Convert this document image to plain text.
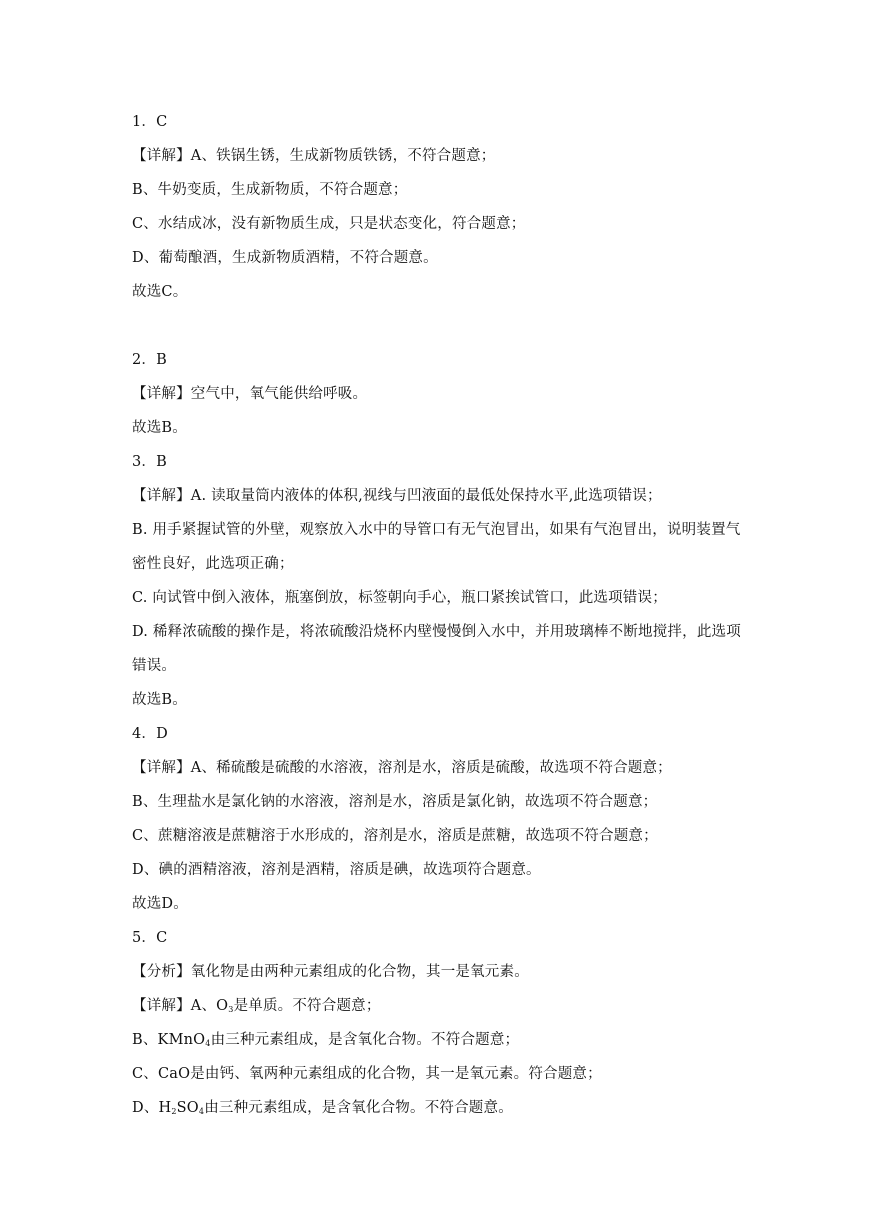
1．C
【详解】A、铁锅生锈，生成新物质铁锈，不符合题意；
B、牛奶变质，生成新物质，不符合题意；
C、水结成冰，没有新物质生成，只是状态变化，符合题意；
D、葡萄酿酒，生成新物质酒精，不符合题意。
故选C。
2．B
【详解】空气中，氧气能供给呼吸。
故选B。
3．B
【详解】A. 读取量筒内液体的体积,视线与凹液面的最低处保持水平,此选项错误；
B. 用手紧握试管的外壁，观察放入水中的导管口有无气泡冒出，如果有气泡冒出，说明装置气密性良好，此选项正确；
C. 向试管中倒入液体，瓶塞倒放，标签朝向手心，瓶口紧挨试管口，此选项错误；
D. 稀释浓硫酸的操作是，将浓硫酸沿烧杯内壁慢慢倒入水中，并用玻璃棒不断地搅拌，此选项错误。
故选B。
4．D
【详解】A、稀硫酸是硫酸的水溶液，溶剂是水，溶质是硫酸，故选项不符合题意；
B、生理盐水是氯化钠的水溶液，溶剂是水，溶质是氯化钠，故选项不符合题意；
C、蔗糖溶液是蔗糖溶于水形成的，溶剂是水，溶质是蔗糖，故选项不符合题意；
D、碘的酒精溶液，溶剂是酒精，溶质是碘，故选项符合题意。
故选D。
5．C
【分析】氧化物是由两种元素组成的化合物，其一是氧元素。
【详解】A、$O_3$是单质。不符合题意；
B、KMnO$_4$由三种元素组成，是含氧化合物。不符合题意；
C、CaO是由钙、氧两种元素组成的化合物，其一是氧元素。符合题意；
D、$H_2SO_4$由三种元素组成，是含氧化合物。不符合题意。
